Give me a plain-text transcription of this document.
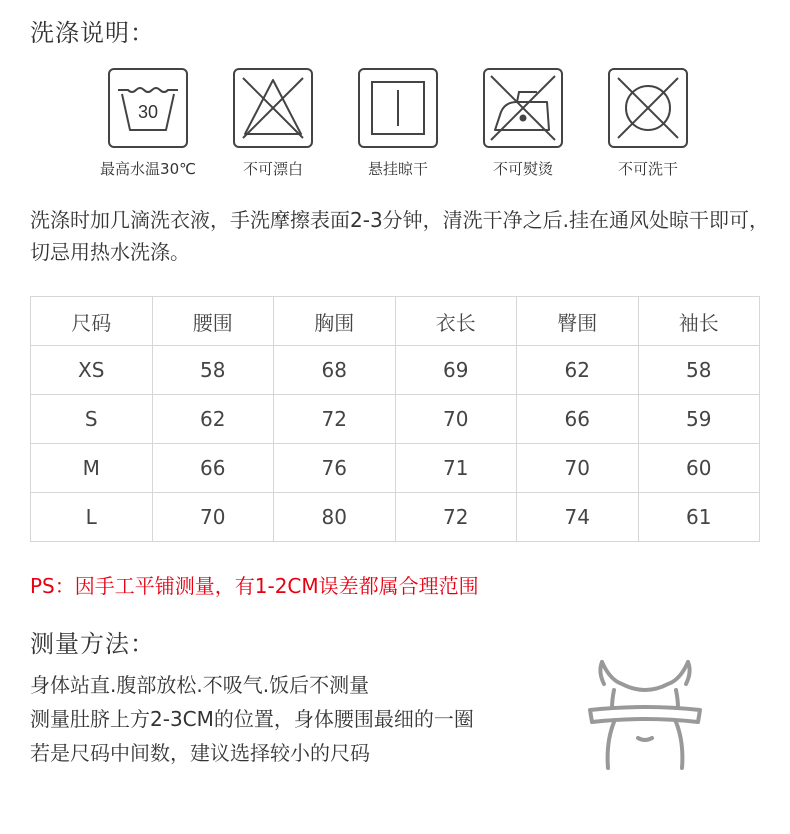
洗涤说明：
30
最高水温30℃	不可漂白	悬挂晾干	不可熨烫	不可洗干
洗涤时加几滴洗衣液，手洗摩擦表面2-3分钟，清洗干净之后.挂在通风处晾干即可，切忌用热水洗涤。
尺码	腰围	胸围	衣长	臀围	袖长
XS	58	68	69	62	58
S	62	72	70	66	59
M	66	76	71	70	60
L	70	80	72	74	61
PS：因手工平铺测量，有1-2CM误差都属合理范围
测量方法：
身体站直.腹部放松.不吸气.饭后不测量
测量肚脐上方2-3CM的位置，身体腰围最细的一圈
若是尺码中间数，建议选择较小的尺码
